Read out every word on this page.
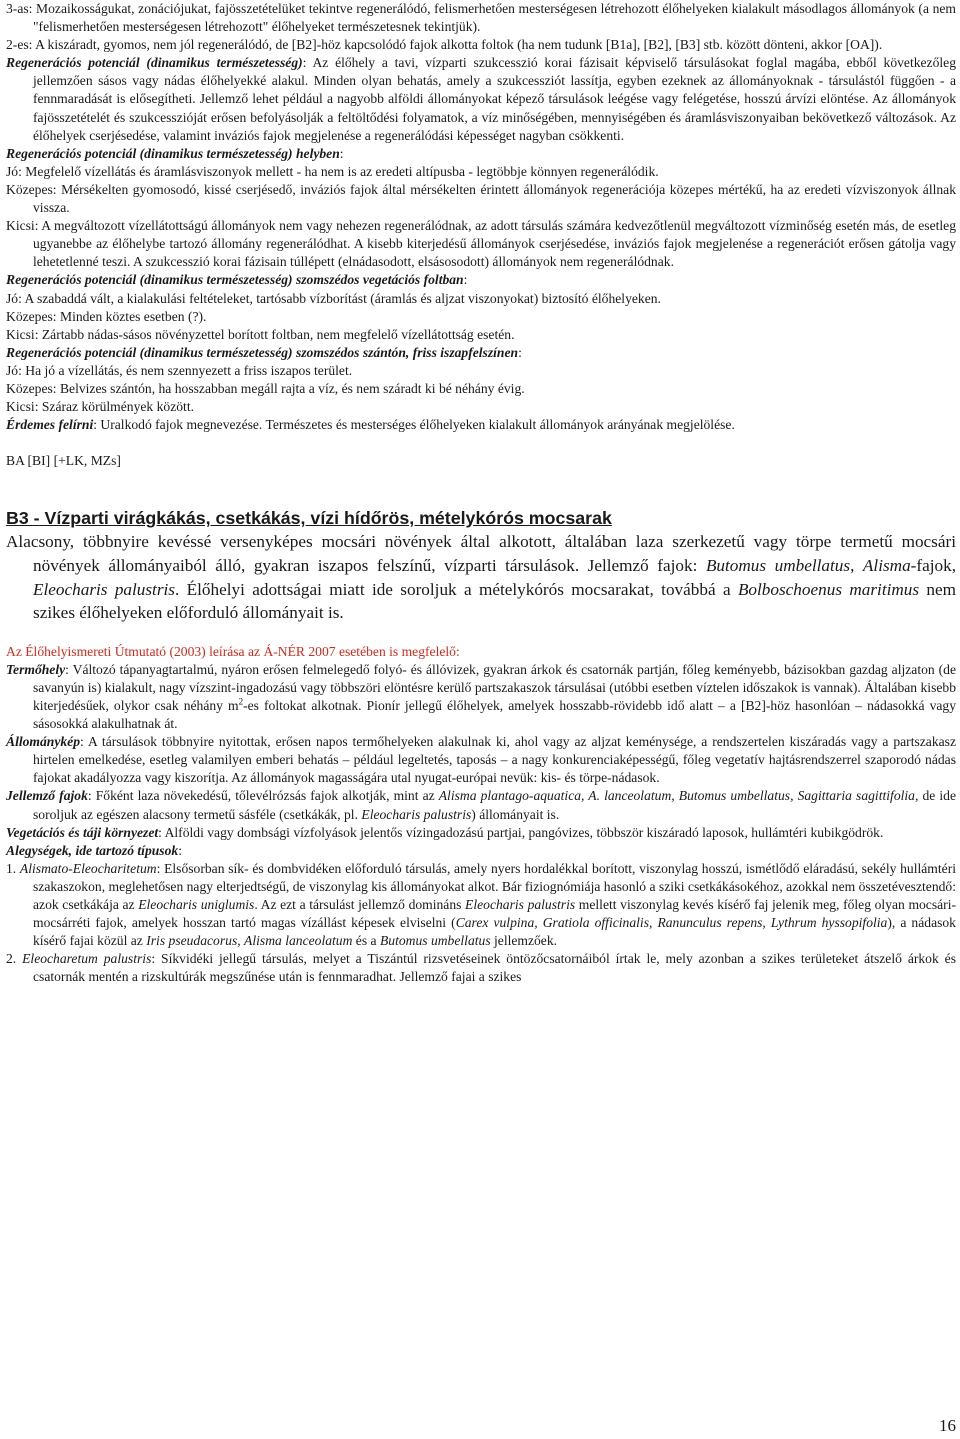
3-as: Mozaikosságukat, zonációjukat, fajösszetételüket tekintve regenerálódó, felismerhetően mesterségesen létrehozott élőhelyeken kialakult másodlagos állományok (a nem "felismerhetően mesterségesen létrehozott" élőhelyeket természetesnek tekintjük).

2-es: A kiszáradt, gyomos, nem jól regenerálódó, de [B2]-höz kapcsolódó fajok alkotta foltok (ha nem tudunk [B1a], [B2], [B3] stb. között dönteni, akkor [OA]).

Regenerációs potenciál (dinamikus természetesség): Az élőhely a tavi, vízparti szukcesszió korai fázisait képviselő társulásokat foglal magába, ebből következőleg jellemzően sásos vagy nádas élőhelyekké alakul. Minden olyan behatás, amely a szukcessziót lassítja, egyben ezeknek az állományoknak - társulástól függően - a fennmaradását is elősegítheti. Jellemző lehet például a nagyobb alföldi állományokat képező társulások leégése vagy felégetése, hosszú árvízi elöntése. Az állományok fajösszetételét és szukcesszióját erősen befolyásolják a feltöltődési folyamatok, a víz minőségében, mennyiségében és áramlásviszonyaiban bekövetkező változások. Az élőhelyek cserjésedése, valamint inváziós fajok megjelenése a regenerálódási képességet nagyban csökkenti.

Regenerációs potenciál (dinamikus természetesség) helyben:

Jó: Megfelelő vízellátás és áramlásviszonyok mellett - ha nem is az eredeti altípusba - legtöbbje könnyen regenerálódik.

Közepes: Mérsékelten gyomosodó, kissé cserjésedő, inváziós fajok által mérsékelten érintett állományok regenerációja közepes mértékű, ha az eredeti vízviszonyok állnak vissza.

Kicsi: A megváltozott vízellátottságú állományok nem vagy nehezen regenerálódnak, az adott társulás számára kedvezőtlenül megváltozott vízminőség esetén más, de esetleg ugyanebbe az élőhelybe tartozó állomány regenerálódhat. A kisebb kiterjedésű állományok cserjésedése, inváziós fajok megjelenése a regenerációt erősen gátolja vagy lehetetlenné teszi. A szukcesszió korai fázisain túllépett (elnádasodott, elsásosodott) állományok nem regenerálódnak.

Regenerációs potenciál (dinamikus természetesség) szomszédos vegetációs foltban:

Jó: A szabaddá vált, a kialakulási feltételeket, tartósabb vízborítást (áramlás és aljzat viszonyokat) biztosító élőhelyeken.

Közepes: Minden köztes esetben (?).

Kicsi: Zártabb nádas-sásos növényzettel borított foltban, nem megfelelő vízellátottság esetén.

Regenerációs potenciál (dinamikus természetesség) szomszédos szántón, friss iszapfelszínen:

Jó: Ha jó a vízellátás, és nem szennyezett a friss iszapos terület.

Közepes: Belvizes szántón, ha hosszabban megáll rajta a víz, és nem száradt ki bé néhány évig.

Kicsi: Száraz körülmények között.

Érdemes felírni: Uralkodó fajok megnevezése. Természetes és mesterséges élőhelyeken kialakult állományok arányának megjelölése.

BA [BI] [+LK, MZs]

B3 - Vízparti virágkákás, csetkákás, vízi hídőrös, mételykórós mocsarak

Alacsony, többnyire kevéssé versenyképes mocsári növények által alkotott, általában laza szerkezetű vagy törpe termetű mocsári növények állományaiból álló, gyakran iszapos felszínű, vízparti társulások. Jellemző fajok: Butomus umbellatus, Alisma-fajok, Eleocharis palustris. Élőhelyi adottságai miatt ide soroljuk a mételykórós mocsarakat, továbbá a Bolboschoenus maritimus nem szikes élőhelyeken előforduló állományait is.

Az Élőhelyismereti Útmutató (2003) leírása az Á-NÉR 2007 esetében is megfelelő:

Termőhely: Változó tápanyagtartalmú, nyáron erősen felmelegedő folyó- és állóvizek, gyakran árkok és csatornák partján, főleg keményebb, bázisokban gazdag aljzaton (de savanyún is) kialakult, nagy vízszint-ingadozású vagy többszöri elöntésre kerülő partszakaszok társulásai (utóbbi esetben víztelen időszakok is vannak). Általában kisebb kiterjedésűek, olykor csak néhány $m^2-es$ foltokat alkotnak. Pionír jellegű élőhelyek, amelyek hosszabb-rövidebb idő alatt – a [B2]-höz hasonlóan – nádasokká vagy sásosokká alakulhatnak át.

Állománykép: A társulások többnyire nyitottak, erősen napos termőhelyeken alakulnak ki, ahol vagy az aljzat keménysége, a rendszertelen kiszáradás vagy a partszakasz hirtelen emelkedése, esetleg valamilyen emberi behatás – például legeltetés, taposás – a nagy konkurenciaképességű, főleg vegetatív hajtásrendszerrel szaporodó nádas fajokat akadályozza vagy kiszorítja. Az állományok magasságára utal nyugat-európai nevük: kis- és törpe-nádasok.

Jellemző fajok: Főként laza növekedésű, tőlevélrózsás fajok alkotják, mint az Alisma plantago-aquatica, A. lanceolatum, Butomus umbellatus, Sagittaria sagittifolia, de ide soroljuk az egészen alacsony termetű sásféle (csetkákák, pl. Eleocharis palustris) állományait is.

Vegetációs és táji környezet: Alföldi vagy dombsági vízfolyások jelentős vízingadozású partjai, pangóvizes, többször kiszáradó laposok, hullámtéri kubikgödrök.

Alegységek, ide tartozó típusok:

1. Alismato-Eleocharitetum: Elsősorban sík- és dombvidéken előforduló társulás, amely nyers hordalékkal borított, viszonylag hosszú, ismétlődő eláradású, sekély hullámtéri szakaszokon, meglehetősen nagy elterjedtségű, de viszonylag kis állományokat alkot. Bár fiziognómiája hasonló a sziki csetkákásokéhoz, azokkal nem összetévesztendő: azok csetkákája az Eleocharis uniglumis. Az ezt a társulást jellemző domináns Eleocharis palustris mellett viszonylag kevés kísérő faj jelenik meg, főleg olyan mocsári-mocsárréti fajok, amelyek hosszan tartó magas vízállást képesek elviselni (Carex vulpina, Gratiola officinalis, Ranunculus repens, Lythrum hyssopifolia), a nádasok kísérő fajai közül az Iris pseudacorus, Alisma lanceolatum és a Butomus umbellatus jellemzőek.

2. Eleocharetum palustris: Síkvidéki jellegű társulás, melyet a Tiszántúl rizsvetéseinek öntözőcsatornáiból írtak le, mely azonban a szikes területeket átszelő árkok és csatornák mentén a rizskultúrák megszűnése után is fennmaradhat. Jellemző fajai a szikes

16
